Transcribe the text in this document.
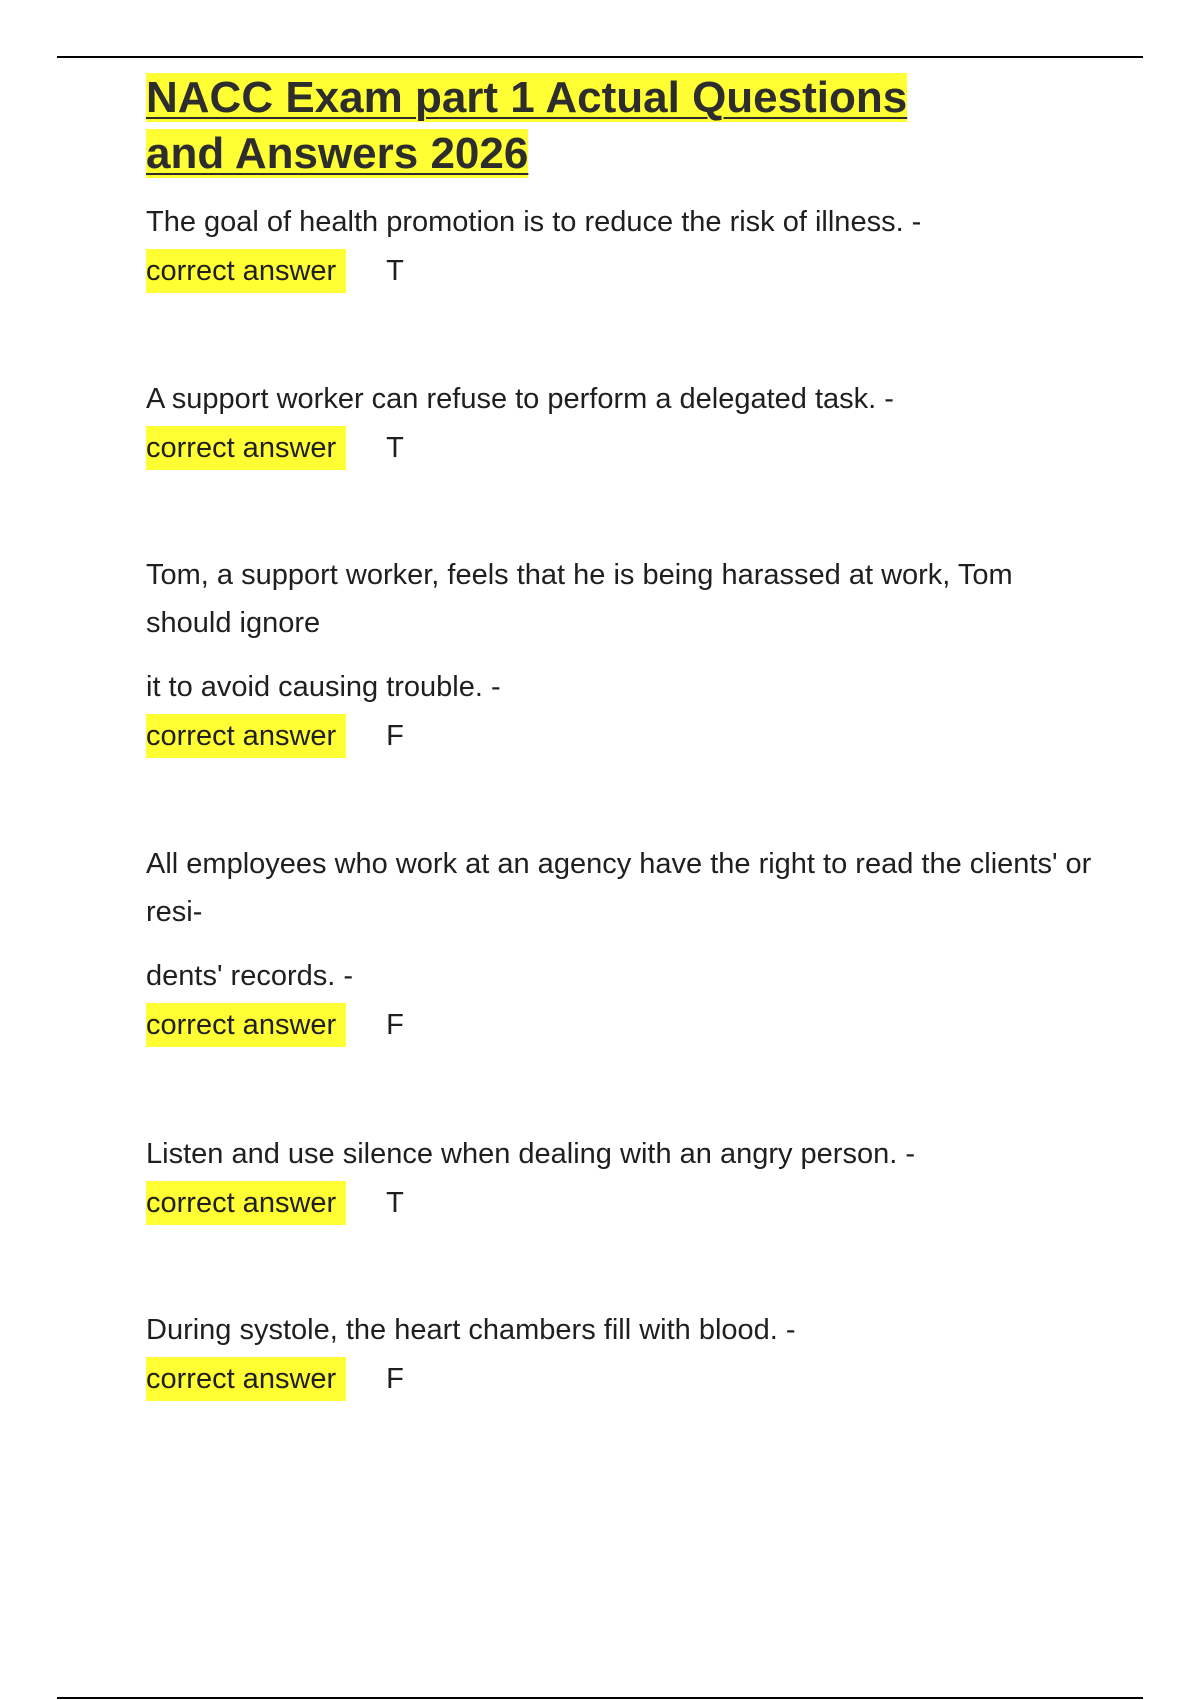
NACC Exam part 1 Actual Questions
and Answers 2026

The goal of health promotion is to reduce the risk of illness. -

correct answer	T

A support worker can refuse to perform a delegated task. -

correct answer	T

Tom, a support worker, feels that he is being harassed at work, Tom should ignore
it to avoid causing trouble. -

correct answer	F

All employees who work at an agency have the right to read the clients' or resi-
dents' records. -

correct answer	F

Listen and use silence when dealing with an angry person. -

correct answer	T

During systole, the heart chambers fill with blood. -

correct answer	F
